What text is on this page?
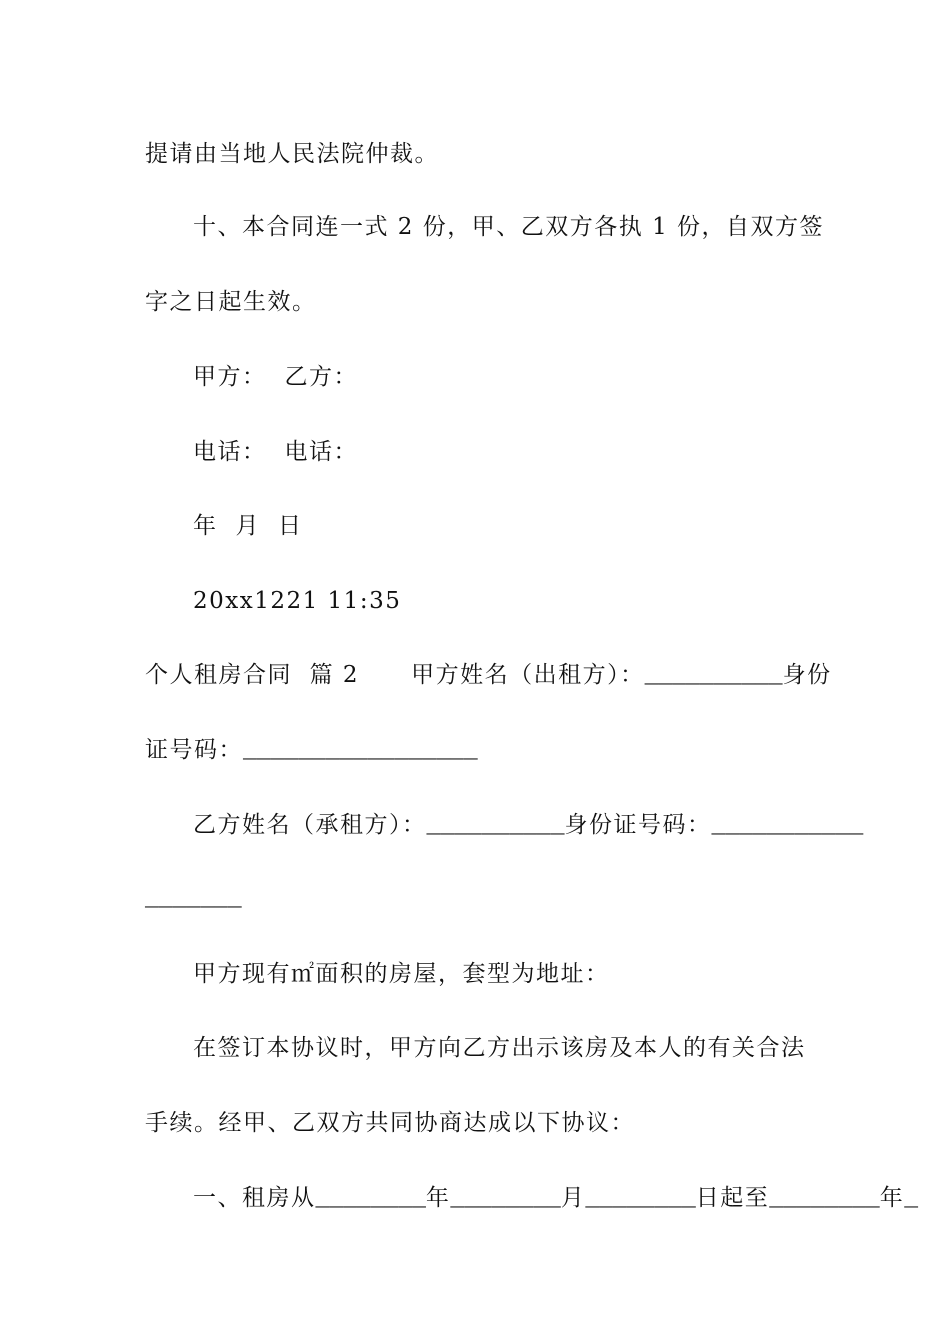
提请由当地人民法院仲裁。
十、本合同连一式 2 份，甲、乙双方各执 1 份，自双方签
字之日起生效。
甲方： 乙方：
电话： 电话：
年 月 日
20xx1221 11:35
个人租房合同  篇 2 甲方姓名（出租方）：__________身份
证号码：_________________
乙方姓名（承租方）：__________身份证号码：___________
_______
甲方现有㎡面积的房屋，套型为地址：
在签订本协议时，甲方向乙方出示该房及本人的有关合法
手续。经甲、乙双方共同协商达成以下协议：
一、租房从________年________月________日起至________年_
